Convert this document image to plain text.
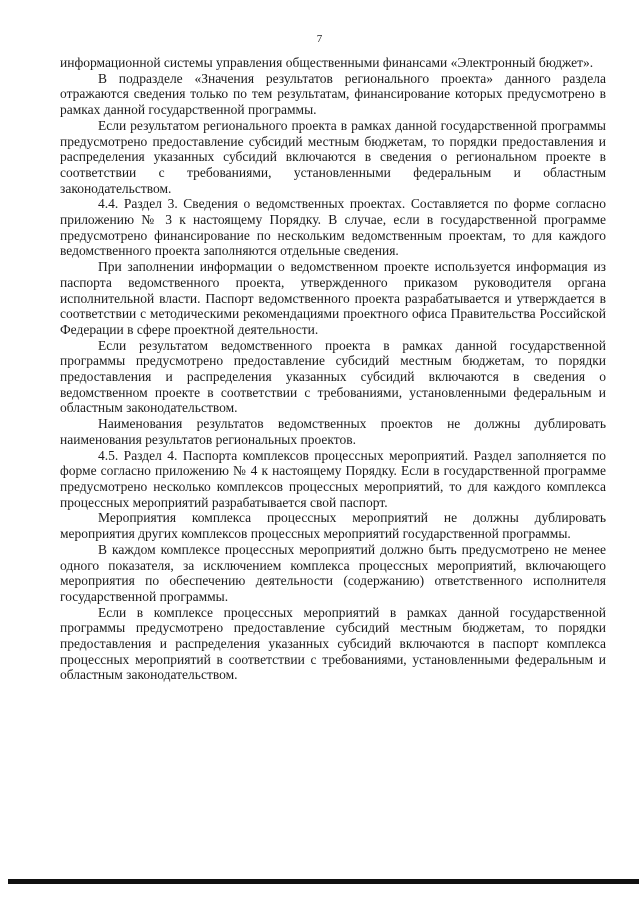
7

информационной системы управления общественными финансами «Электронный бюджет».

В подразделе «Значения результатов регионального проекта» данного раздела отражаются сведения только по тем результатам, финансирование которых предусмотрено в рамках данной государственной программы.

Если результатом регионального проекта в рамках данной государственной программы предусмотрено предоставление субсидий местным бюджетам, то порядки предоставления и распределения указанных субсидий включаются в сведения о региональном проекте в соответствии с требованиями, установленными федеральным и областным законодательством.

4.4. Раздел 3. Сведения о ведомственных проектах. Составляется по форме согласно приложению № 3 к настоящему Порядку. В случае, если в государственной программе предусмотрено финансирование по нескольким ведомственным проектам, то для каждого ведомственного проекта заполняются отдельные сведения.

При заполнении информации о ведомственном проекте используется информация из паспорта ведомственного проекта, утвержденного приказом руководителя органа исполнительной власти. Паспорт ведомственного проекта разрабатывается и утверждается в соответствии с методическими рекомендациями проектного офиса Правительства Российской Федерации в сфере проектной деятельности.

Если результатом ведомственного проекта в рамках данной государственной программы предусмотрено предоставление субсидий местным бюджетам, то порядки предоставления и распределения указанных субсидий включаются в сведения о ведомственном проекте в соответствии с требованиями, установленными федеральным и областным законодательством.

Наименования результатов ведомственных проектов не должны дублировать наименования результатов региональных проектов.

4.5. Раздел 4. Паспорта комплексов процессных мероприятий. Раздел заполняется по форме согласно приложению № 4 к настоящему Порядку. Если в государственной программе предусмотрено несколько комплексов процессных мероприятий, то для каждого комплекса процессных мероприятий разрабатывается свой паспорт.

Мероприятия комплекса процессных мероприятий не должны дублировать мероприятия других комплексов процессных мероприятий государственной программы.

В каждом комплексе процессных мероприятий должно быть предусмотрено не менее одного показателя, за исключением комплекса процессных мероприятий, включающего мероприятия по обеспечению деятельности (содержанию) ответственного исполнителя государственной программы.

Если в комплексе процессных мероприятий в рамках данной государственной программы предусмотрено предоставление субсидий местным бюджетам, то порядки предоставления и распределения указанных субсидий включаются в паспорт комплекса процессных мероприятий в соответствии с требованиями, установленными федеральным и областным законодательством.
